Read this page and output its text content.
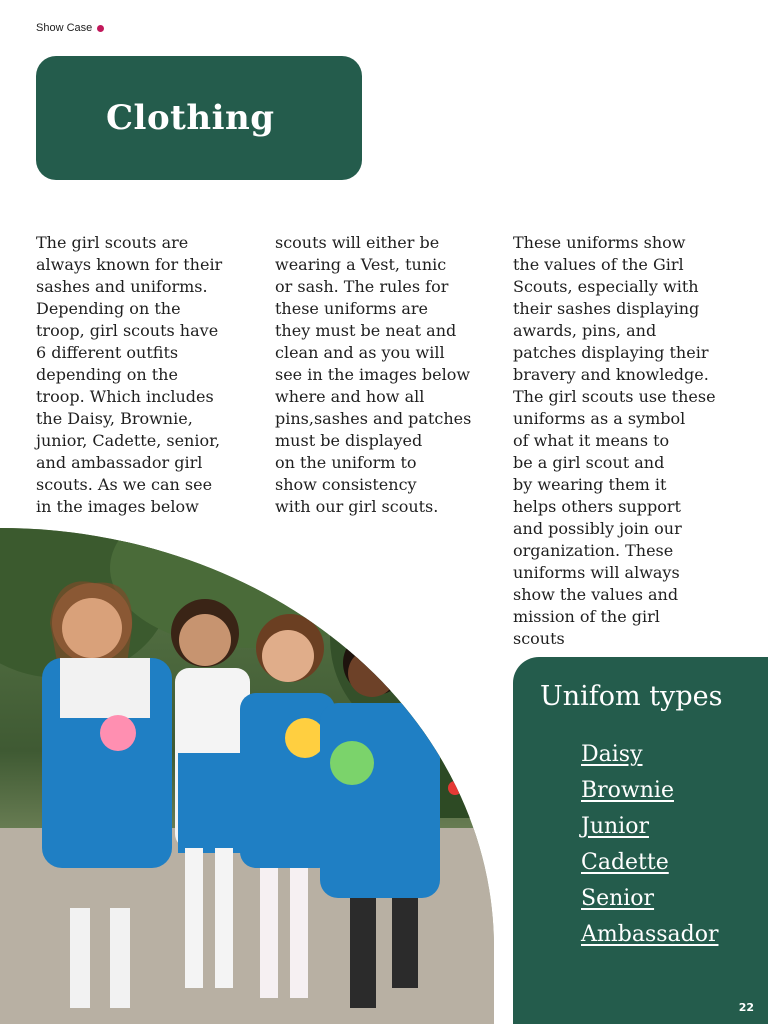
Show Case
Clothing
The girl scouts are
always known for their
sashes and uniforms.
Depending on the
troop, girl scouts have
6 different outfits
depending on the
troop. Which includes
the Daisy, Brownie,
junior, Cadette, senior,
and ambassador girl
scouts. As we can see
in the images below
scouts will either be
wearing a Vest, tunic
or sash. The rules for
these uniforms are
they must be neat and
clean and as you will
see in the images below
where and how all
pins,sashes and patches
must be displayed
on the uniform to
show consistency
with our girl scouts.
These uniforms show
the values of the Girl
Scouts, especially with
their sashes displaying
awards, pins, and
patches displaying their
bravery and knowledge.
The girl scouts use these
uniforms as a symbol
of what it means to
be a girl scout and
by wearing them it
helps others support
and possibly join our
organization. These
uniforms will always
show the values and
mission of the girl
scouts
Unifom types
Daisy
Brownie
Junior
Cadette
Senior
Ambassador
22
